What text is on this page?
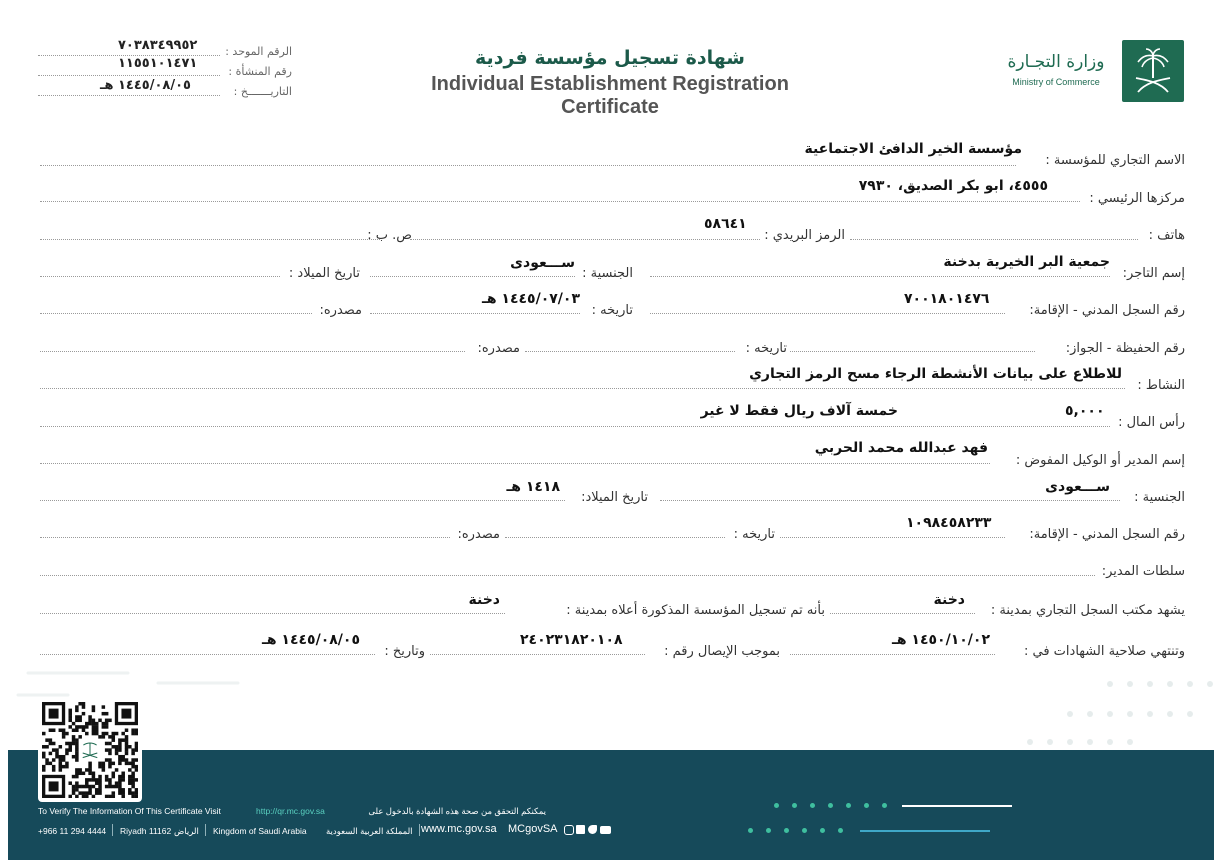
وزارة التجـارة
Ministry of Commerce
شهادة تسجيل مؤسسة فردية
Individual Establishment Registration Certificate
الرقم الموحد :
٧٠٣٨٣٤٩٩٥٢
رقم المنشأة :
١١٥٥١٠١٤٧١
التاريـــــــخ :
١٤٤٥/٠٨/٠٥ هـ
الاسم التجاري للمؤسسة :
مؤسسة الخير الدافئ الاجتماعية
مركزها الرئيسي :
٤٥٥٥، ابو بكر الصديق، ٧٩٣٠
هاتف :
الرمز البريدي :
٥٨٦٤١
ص. ب :
إسم التاجر:
جمعية البر الخيرية بدخنة
الجنسية :
ســـعودى
تاريخ الميلاد :
رقم السجل المدني - الإقامة:
٧٠٠١٨٠١٤٧٦
تاريخه :
١٤٤٥/٠٧/٠٣ هـ
مصدره:
رقم الحفيظة - الجواز:
تاريخه :
مصدره:
النشاط :
للاطلاع على بيانات الأنشطة الرجاء مسح الرمز التجاري
رأس المال :
٥,٠٠٠
خمسة آلاف ريال فقط لا غير
إسم المدير أو الوكيل المفوض :
فهد عبدالله محمد الحربي
الجنسية :
ســـعودى
تاريخ الميلاد:
١٤١٨ هـ
رقم السجل المدني - الإقامة:
١٠٩٨٤٥٨٢٣٣
تاريخه :
مصدره:
سلطات المدير:
يشهد مكتب السجل التجاري بمدينة :
دخنة
بأنه تم تسجيل المؤسسة المذكورة أعلاه بمدينة :
دخنة
وتنتهي صلاحية الشهادات في :
١٤٥٠/١٠/٠٢ هـ
بموجب الإيصال رقم :
٢٤٠٢٣١٨٢٠١٠٨
وتاريخ :
١٤٤٥/٠٨/٠٥ هـ
To Verify The Information Of This Certificate Visit	http://qr.mc.gov.sa	يمكنكم التحقق من صحة هذه الشهادة بالدخول على
+966 11 294 4444 Riyadh 11162 الرياض Kingdom of Saudi Arabia المملكة العربية السعودية www.mc.gov.sa MCgovSA
